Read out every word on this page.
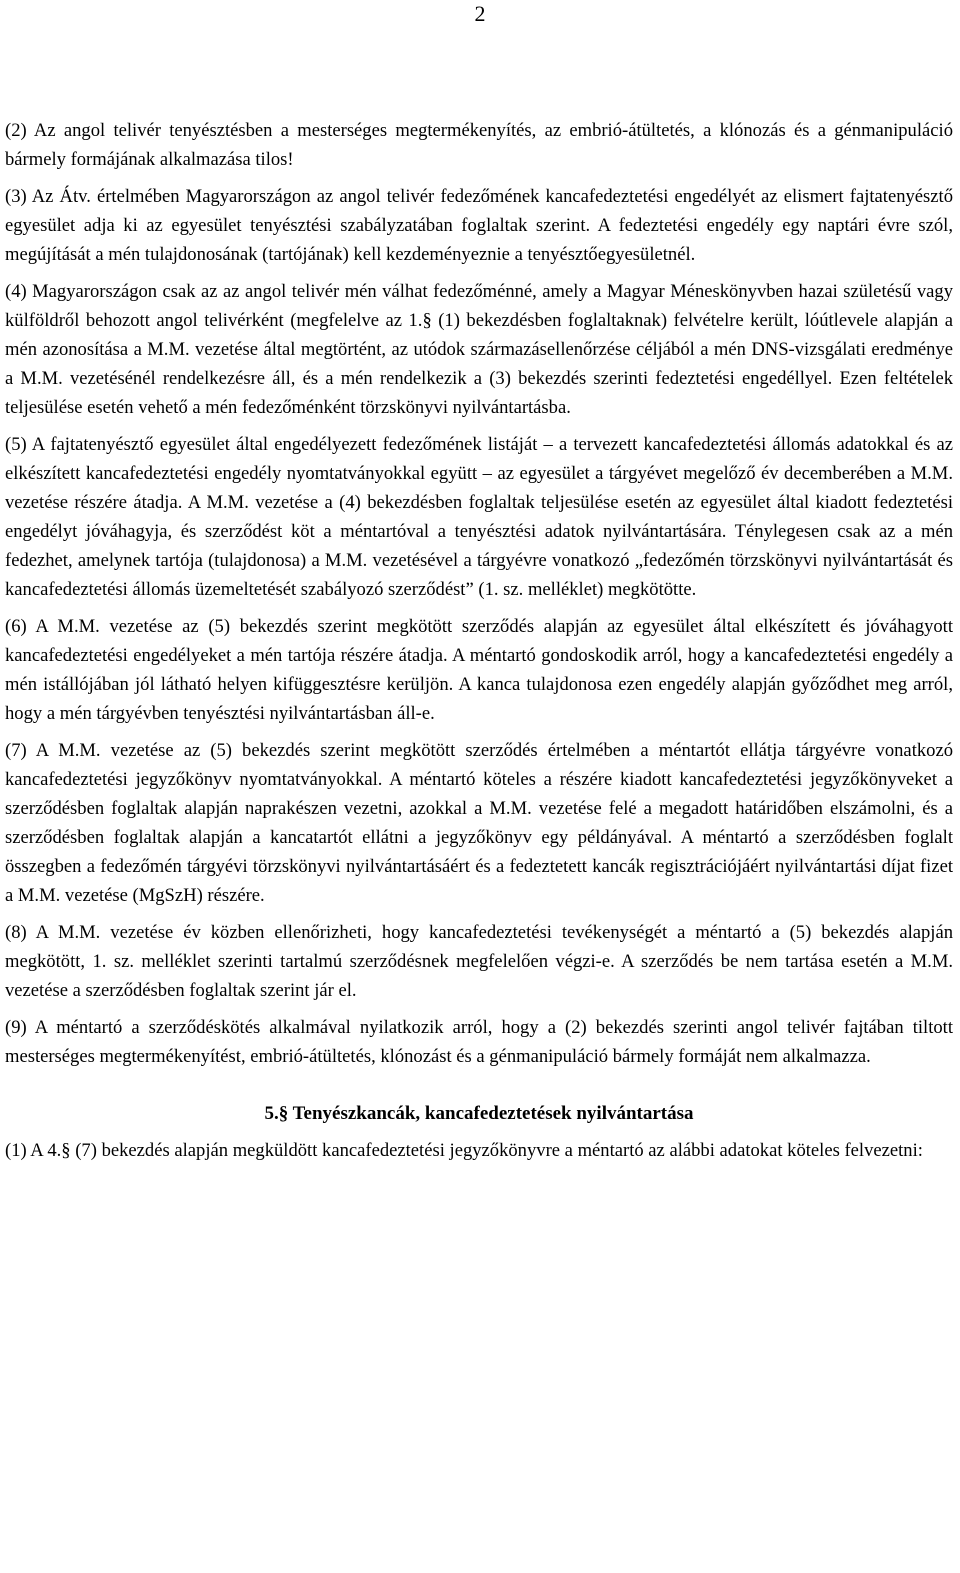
2

(2) Az angol telivér tenyésztésben a mesterséges megtermékenyítés, az embrió-átültetés, a klónozás és a génmanipuláció bármely formájának alkalmazása tilos!

(3) Az Átv. értelmében Magyarországon az angol telivér fedezőmének kancafedeztetési engedélyét az elismert fajtatenyésztő egyesület adja ki az egyesület tenyésztési szabályzatában foglaltak szerint. A fedeztetési engedély egy naptári évre szól, megújítását a mén tulajdonosának (tartójának) kell kezdeményeznie a tenyésztőegyesületnél.

(4) Magyarországon csak az az angol telivér mén válhat fedezőménné, amely a Magyar Méneskönyvben hazai születésű vagy külföldről behozott angol telivérként (megfelelve az 1.§ (1) bekezdésben foglaltaknak) felvételre került, lóútlevele alapján a mén azonosítása a M.M. vezetése által megtörtént, az utódok származásellenőrzése céljából a mén DNS-vizsgálati eredménye a M.M. vezetésénél rendelkezésre áll, és a mén rendelkezik a (3) bekezdés szerinti fedeztetési engedéllyel. Ezen feltételek teljesülése esetén vehető a mén fedezőménként törzskönyvi nyilvántartásba.

(5) A fajtatenyésztő egyesület által engedélyezett fedezőmének listáját – a tervezett kancafedeztetési állomás adatokkal és az elkészített kancafedeztetési engedély nyomtatványokkal együtt – az egyesület a tárgyévet megelőző év decemberében a M.M. vezetése részére átadja. A M.M. vezetése a (4) bekezdésben foglaltak teljesülése esetén az egyesület által kiadott fedeztetési engedélyt jóváhagyja, és szerződést köt a méntartóval a tenyésztési adatok nyilvántartására. Ténylegesen csak az a mén fedezhet, amelynek tartója (tulajdonosa) a M.M. vezetésével a tárgyévre vonatkozó „fedezőmén törzskönyvi nyilvántartását és kancafedeztetési állomás üzemeltetését szabályozó szerződést” (1. sz. melléklet) megkötötte.

(6) A M.M. vezetése az (5) bekezdés szerint megkötött szerződés alapján az egyesület által elkészített és jóváhagyott kancafedeztetési engedélyeket a mén tartója részére átadja. A méntartó gondoskodik arról, hogy a kancafedeztetési engedély a mén istállójában jól látható helyen kifüggesztésre kerüljön. A kanca tulajdonosa ezen engedély alapján győződhet meg arról, hogy a mén tárgyévben tenyésztési nyilvántartásban áll-e.

(7) A M.M. vezetése az (5) bekezdés szerint megkötött szerződés értelmében a méntartót ellátja tárgyévre vonatkozó kancafedeztetési jegyzőkönyv nyomtatványokkal. A méntartó köteles a részére kiadott kancafedeztetési jegyzőkönyveket a szerződésben foglaltak alapján naprakészen vezetni, azokkal a M.M. vezetése felé a megadott határidőben elszámolni, és a szerződésben foglaltak alapján a kancatartót ellátni a jegyzőkönyv egy példányával. A méntartó a szerződésben foglalt összegben a fedezőmén tárgyévi törzskönyvi nyilvántartásáért és a fedeztetett kancák regisztrációjáért nyilvántartási díjat fizet a M.M. vezetése (MgSzH) részére.

(8) A M.M. vezetése év közben ellenőrizheti, hogy kancafedeztetési tevékenységét a méntartó a (5) bekezdés alapján megkötött, 1. sz. melléklet szerinti tartalmú szerződésnek megfelelően végzi-e. A szerződés be nem tartása esetén a M.M. vezetése a szerződésben foglaltak szerint jár el.

(9) A méntartó a szerződéskötés alkalmával nyilatkozik arról, hogy a (2) bekezdés szerinti angol telivér fajtában tiltott mesterséges megtermékenyítést, embrió-átültetés, klónozást és a génmanipuláció bármely formáját nem alkalmazza.

5.§ Tenyészkancák, kancafedeztetések nyilvántartása

(1) A 4.§ (7) bekezdés alapján megküldött kancafedeztetési jegyzőkönyvre a méntartó az alábbi adatokat köteles felvezetni:
